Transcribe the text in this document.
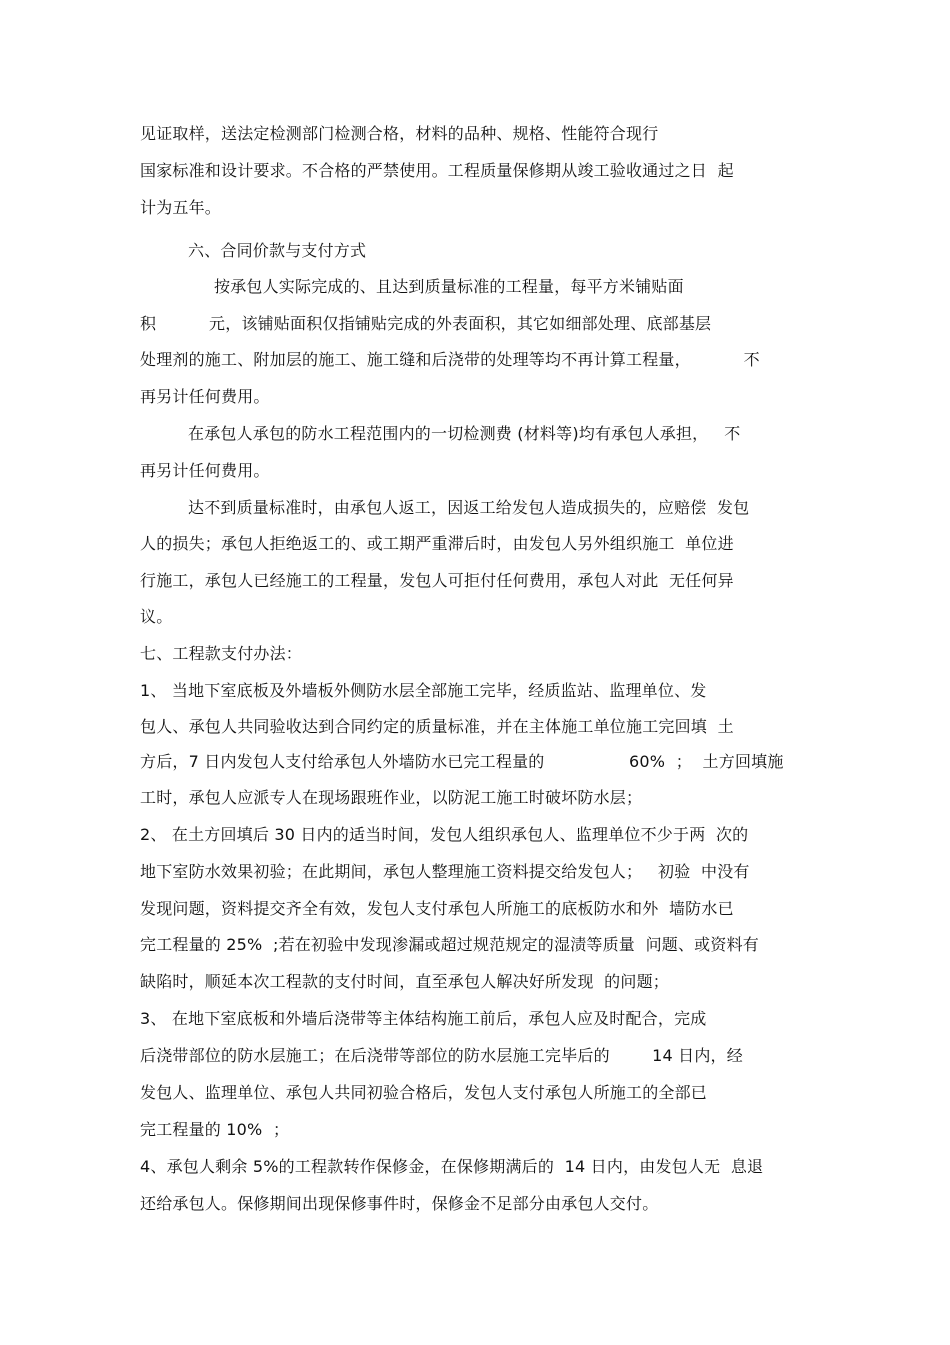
见证取样，送法定检测部门检测合格，材料的品种、规格、性能符合现行
国家标准和设计要求。不合格的严禁使用。工程质量保修期从竣工验收通过之日  起
计为五年。
六、合同价款与支付方式
按承包人实际完成的、且达到质量标准的工程量，每平方米铺贴面
积          元，该铺贴面积仅指铺贴完成的外表面积，其它如细部处理、底部基层
处理剂的施工、附加层的施工、施工缝和后浇带的处理等均不再计算工程量，          不
再另计任何费用。
在承包人承包的防水工程范围内的一切检测费 (材料等)均有承包人承担，   不
再另计任何费用。
达不到质量标准时，由承包人返工，因返工给发包人造成损失的，应赔偿  发包
人的损失；承包人拒绝返工的、或工期严重滞后时，由发包人另外组织施工  单位进
行施工，承包人已经施工的工程量，发包人可拒付任何费用，承包人对此  无任何异
议。
七、工程款支付办法：
1、 当地下室底板及外墙板外侧防水层全部施工完毕，经质监站、监理单位、发
包人、承包人共同验收达到合同约定的质量标准，并在主体施工单位施工完回填  土
方后，7 日内发包人支付给承包人外墙防水已完工程量的                60%  ；  土方回填施
工时，承包人应派专人在现场跟班作业，以防泥工施工时破坏防水层；
2、 在土方回填后 30 日内的适当时间，发包人组织承包人、监理单位不少于两  次的
地下室防水效果初验；在此期间，承包人整理施工资料提交给发包人；   初验  中没有
发现问题，资料提交齐全有效，发包人支付承包人所施工的底板防水和外  墙防水已
完工程量的 25%  ;若在初验中发现渗漏或超过规范规定的湿渍等质量  问题、或资料有
缺陷时，顺延本次工程款的支付时间，直至承包人解决好所发现  的问题；
3、 在地下室底板和外墙后浇带等主体结构施工前后，承包人应及时配合，完成
后浇带部位的防水层施工；在后浇带等部位的防水层施工完毕后的        14 日内，经
发包人、监理单位、承包人共同初验合格后，发包人支付承包人所施工的全部已
完工程量的 10%  ；
4、承包人剩余 5%的工程款转作保修金，在保修期满后的  14 日内，由发包人无  息退
还给承包人。保修期间出现保修事件时，保修金不足部分由承包人交付。
